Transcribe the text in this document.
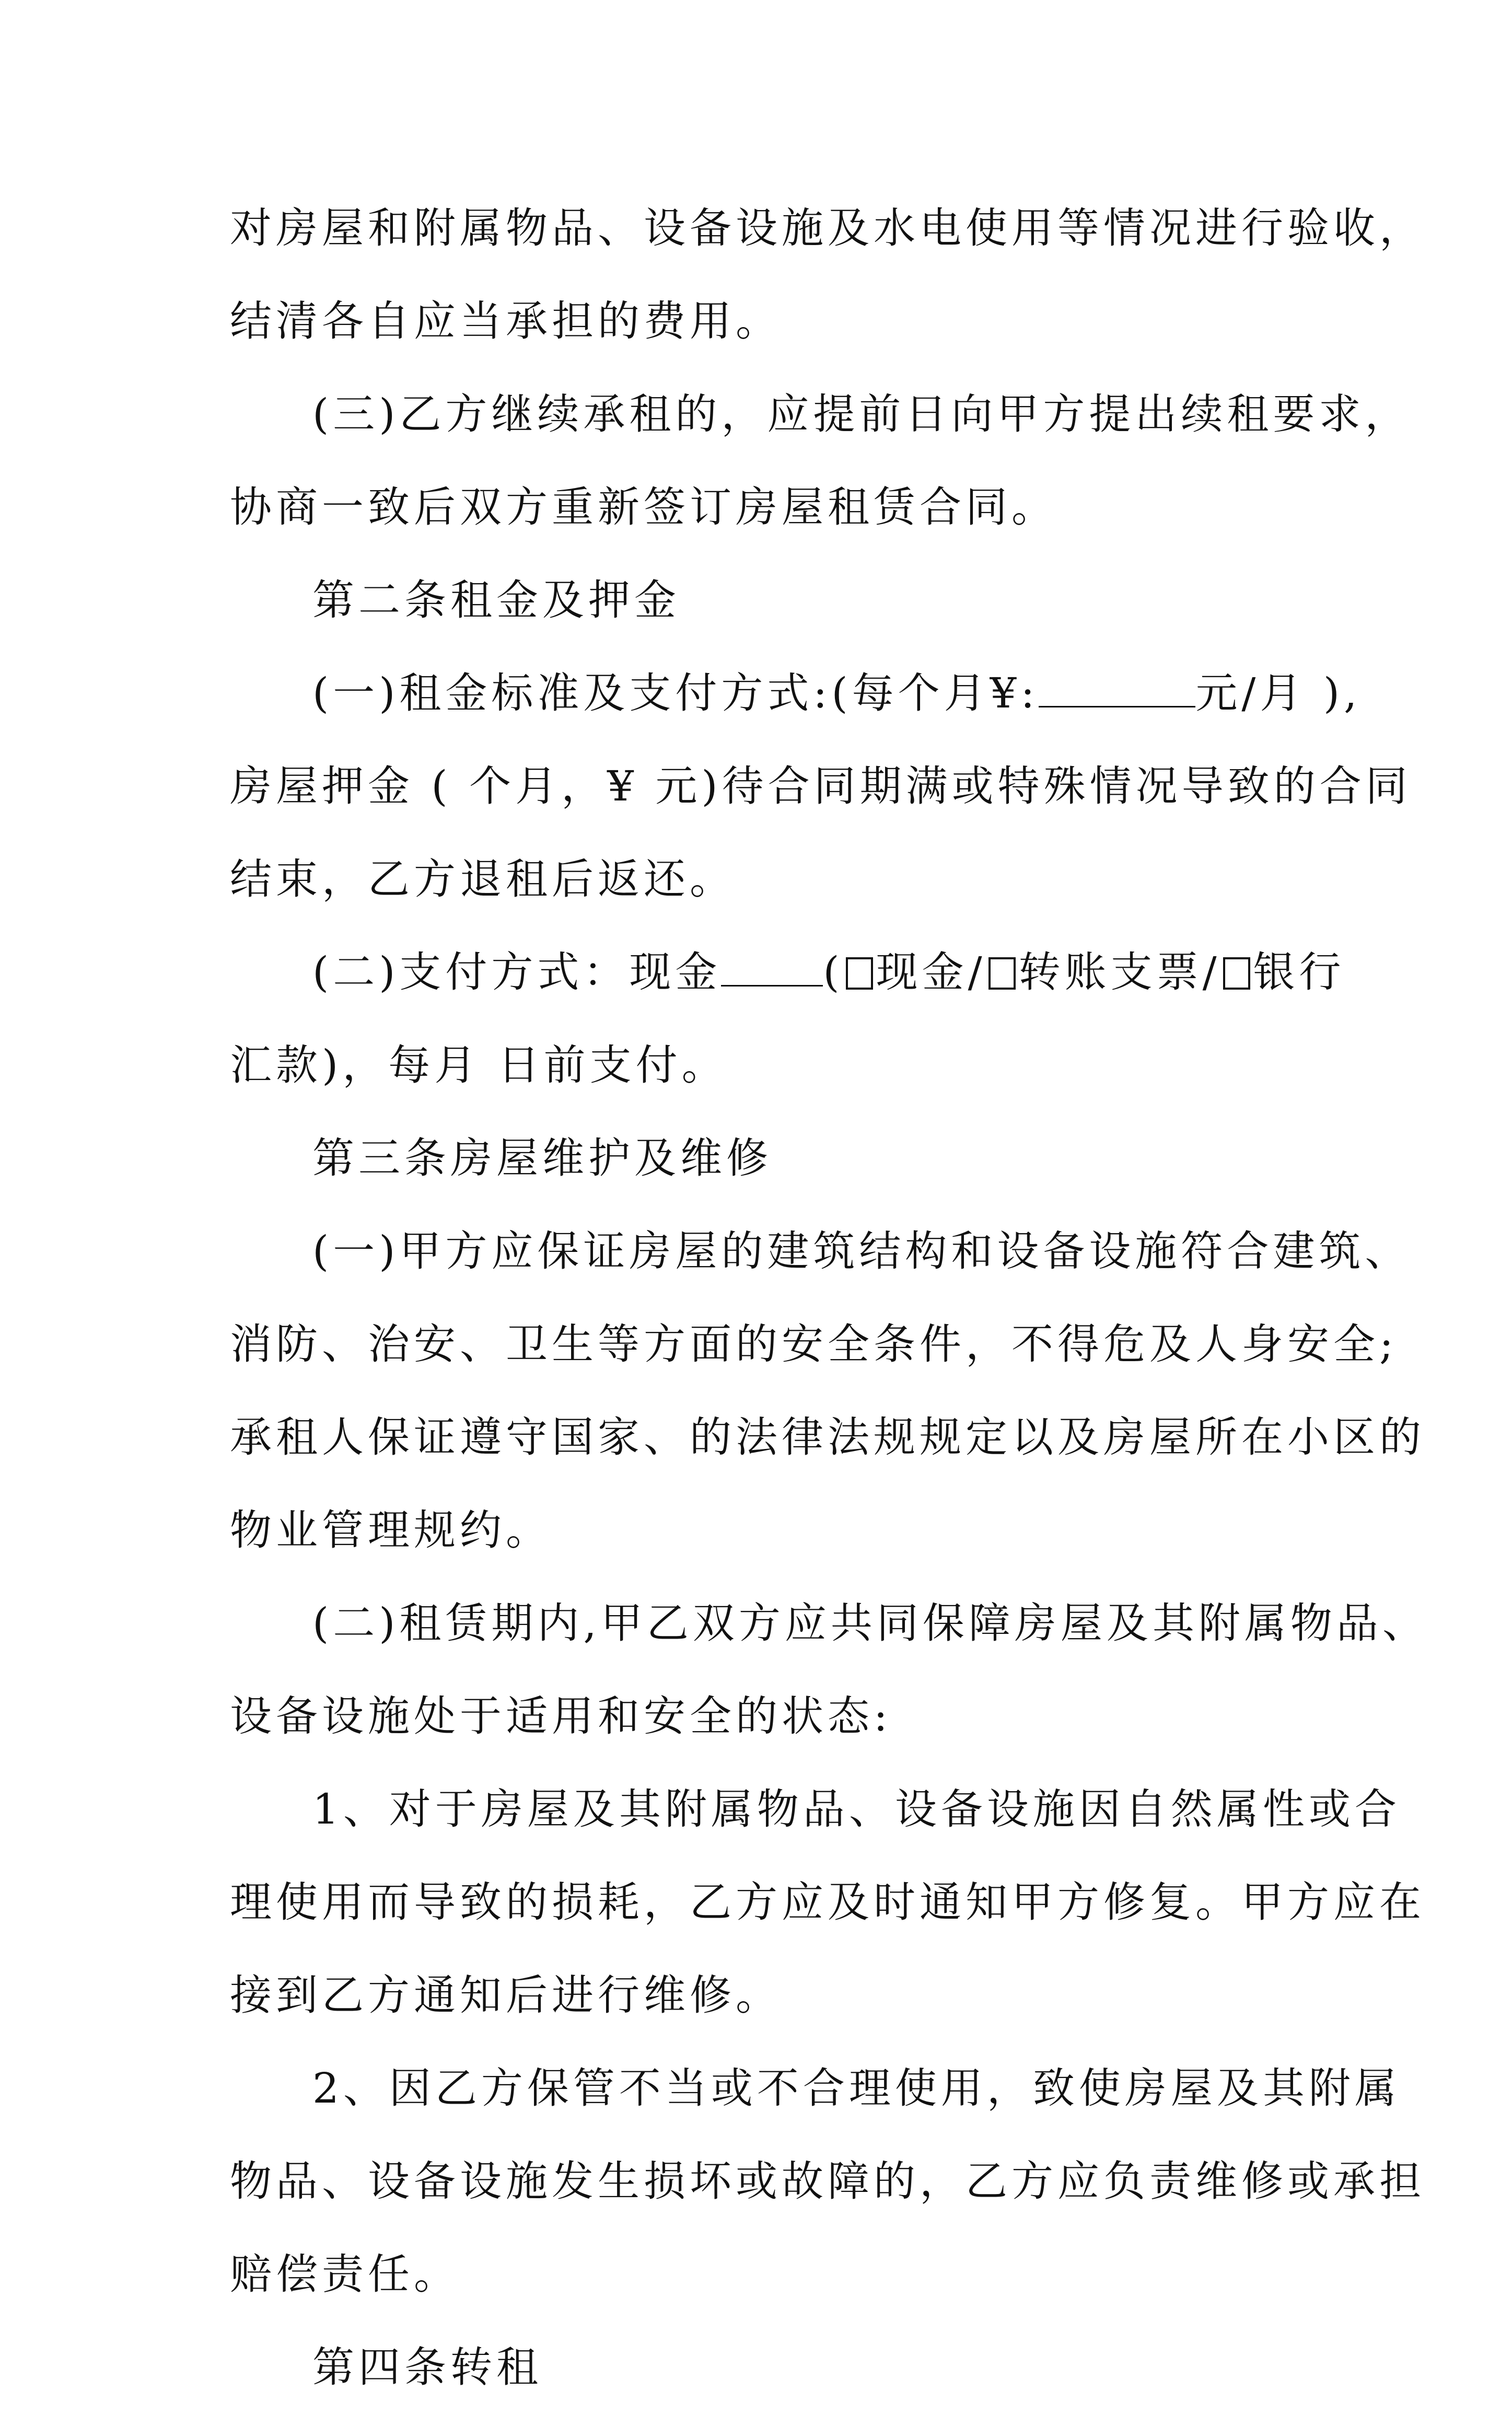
对房屋和附属物品、设备设施及水电使用等情况进行验收，
结清各自应当承担的费用。
(三)乙方继续承租的，应提前日向甲方提出续租要求，
协商一致后双方重新签订房屋租赁合同。
第二条租金及押金
(一)租金标准及支付方式:(每个月¥:	元/月 ),
房屋押金 ( 个月，¥ 元)待合同期满或特殊情况导致的合同
结束，乙方退租后返还。
(二)支付方式：现金 ( 现金/ 转账支票/ 银行
汇款)，每月 日前支付。
第三条房屋维护及维修
(一)甲方应保证房屋的建筑结构和设备设施符合建筑、
消防、治安、卫生等方面的安全条件，不得危及人身安全;
承租人保证遵守国家、的法律法规规定以及房屋所在小区的
物业管理规约。
(二)租赁期内,甲乙双方应共同保障房屋及其附属物品、
设备设施处于适用和安全的状态:
1、对于房屋及其附属物品、设备设施因自然属性或合
理使用而导致的损耗，乙方应及时通知甲方修复。甲方应在
接到乙方通知后进行维修。
2、因乙方保管不当或不合理使用，致使房屋及其附属
物品、设备设施发生损坏或故障的，乙方应负责维修或承担
赔偿责任。
第四条转租
